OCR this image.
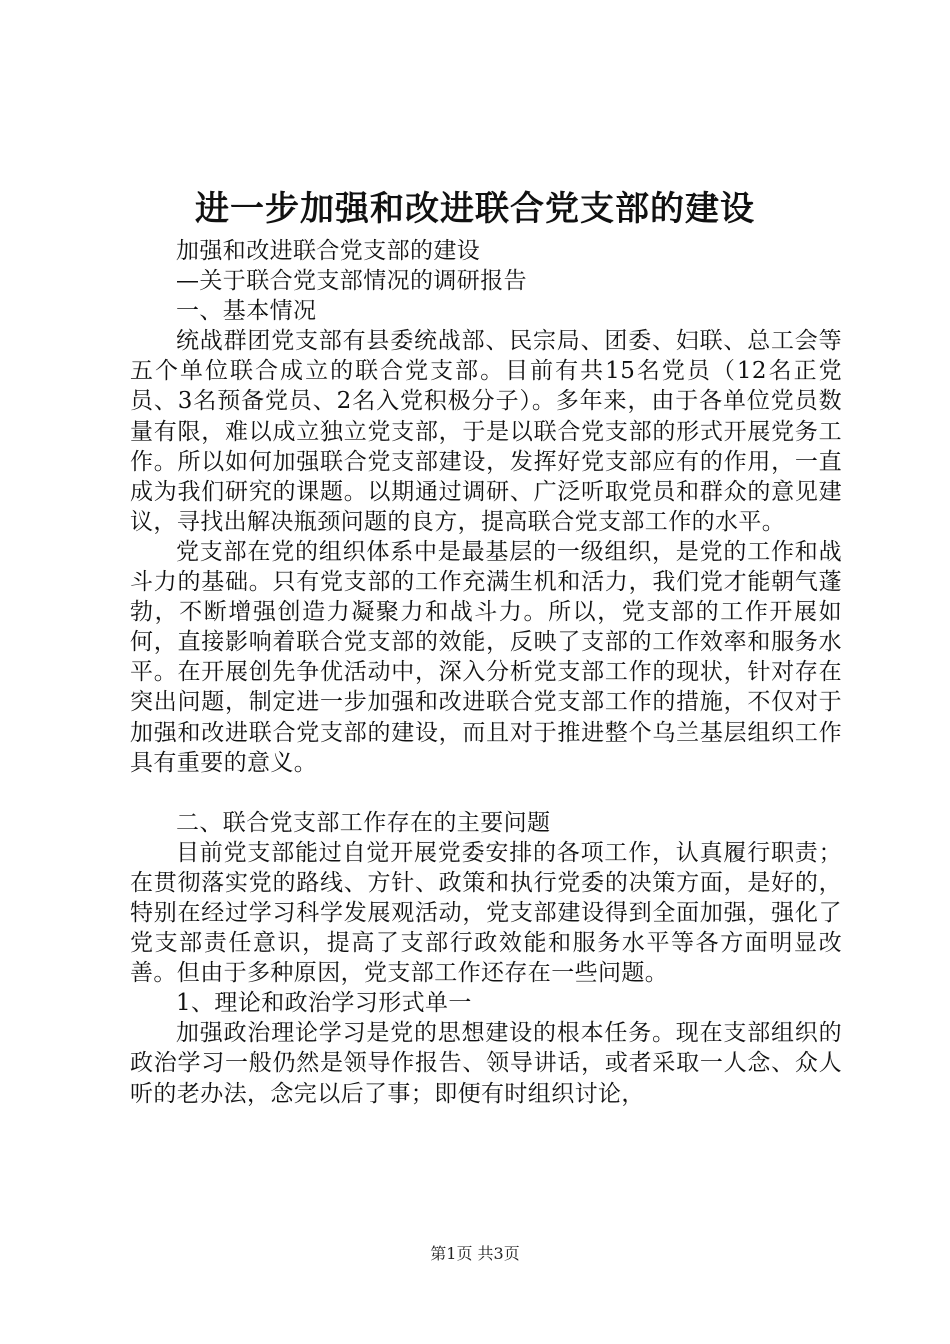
进一步加强和改进联合党支部的建设

加强和改进联合党支部的建设

—关于联合党支部情况的调研报告

一、基本情况

统战群团党支部有县委统战部、民宗局、团委、妇联、总工会等五个单位联合成立的联合党支部。目前有共15名党员（12名正党员、3名预备党员、2名入党积极分子）。多年来，由于各单位党员数量有限，难以成立独立党支部，于是以联合党支部的形式开展党务工作。所以如何加强联合党支部建设，发挥好党支部应有的作用，一直成为我们研究的课题。以期通过调研、广泛听取党员和群众的意见建议，寻找出解决瓶颈问题的良方，提高联合党支部工作的水平。

党支部在党的组织体系中是最基层的一级组织，是党的工作和战斗力的基础。只有党支部的工作充满生机和活力，我们党才能朝气蓬勃，不断增强创造力凝聚力和战斗力。所以，党支部的工作开展如何，直接影响着联合党支部的效能，反映了支部的工作效率和服务水平。在开展创先争优活动中，深入分析党支部工作的现状，针对存在突出问题，制定进一步加强和改进联合党支部工作的措施，不仅对于加强和改进联合党支部的建设，而且对于推进整个乌兰基层组织工作具有重要的意义。

二、联合党支部工作存在的主要问题

目前党支部能过自觉开展党委安排的各项工作，认真履行职责；在贯彻落实党的路线、方针、政策和执行党委的决策方面，是好的，特别在经过学习科学发展观活动，党支部建设得到全面加强，强化了党支部责任意识，提高了支部行政效能和服务水平等各方面明显改善。但由于多种原因，党支部工作还存在一些问题。

1、理论和政治学习形式单一

加强政治理论学习是党的思想建设的根本任务。现在支部组织的政治学习一般仍然是领导作报告、领导讲话，或者采取一人念、众人听的老办法，念完以后了事；即便有时组织讨论，

第1页 共3页
